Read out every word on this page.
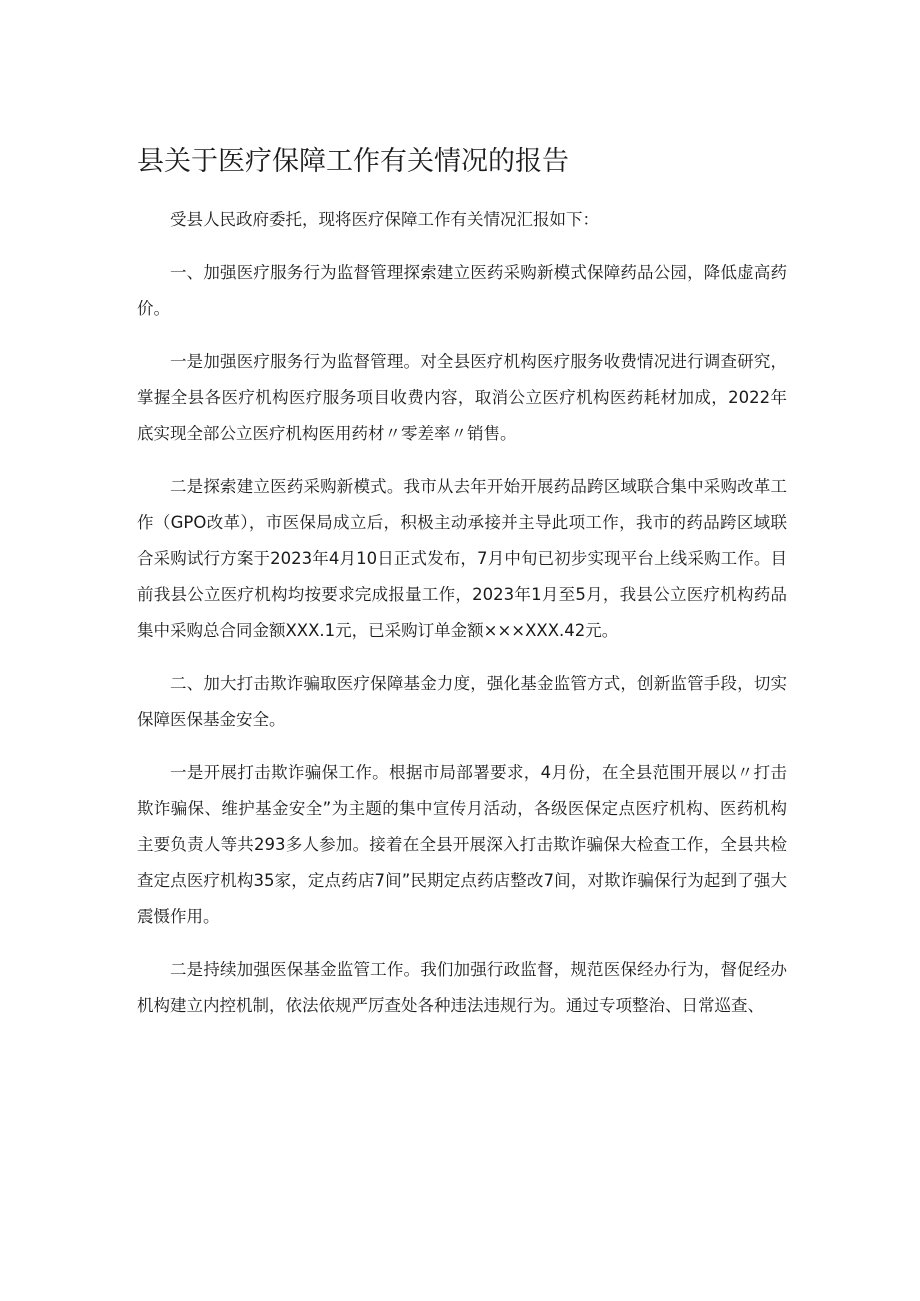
县关于医疗保障工作有关情况的报告

受县人民政府委托，现将医疗保障工作有关情况汇报如下：

一、加强医疗服务行为监督管理探索建立医药采购新模式保障药品公园，降低虚高药价。

一是加强医疗服务行为监督管理。对全县医疗机构医疗服务收费情况进行调查研究，掌握全县各医疗机构医疗服务项目收费内容，取消公立医疗机构医药耗材加成，2022年底实现全部公立医疗机构医用药材〃零差率〃销售。

二是探索建立医药采购新模式。我市从去年开始开展药品跨区域联合集中采购改革工作（GPO改革），市医保局成立后，积极主动承接并主导此项工作，我市的药品跨区域联合采购试行方案于2023年4月10日正式发布，7月中旬已初步实现平台上线采购工作。目前我县公立医疗机构均按要求完成报量工作，2023年1月至5月，我县公立医疗机构药品集中采购总合同金额XXX.1元，已采购订单金额×××XXX.42元。

二、加大打击欺诈骗取医疗保障基金力度，强化基金监管方式，创新监管手段，切实保障医保基金安全。

一是开展打击欺诈骗保工作。根据市局部署要求，4月份，在全县范围开展以〃打击欺诈骗保、维护基金安全”为主题的集中宣传月活动，各级医保定点医疗机构、医药机构主要负责人等共293多人参加。接着在全县开展深入打击欺诈骗保大检查工作，全县共检查定点医疗机构35家，定点药店7间”民期定点药店整改7间，对欺诈骗保行为起到了强大震慑作用。

二是持续加强医保基金监管工作。我们加强行政监督，规范医保经办行为，督促经办机构建立内控机制，依法依规严厉查处各种违法违规行为。通过专项整治、日常巡查、
